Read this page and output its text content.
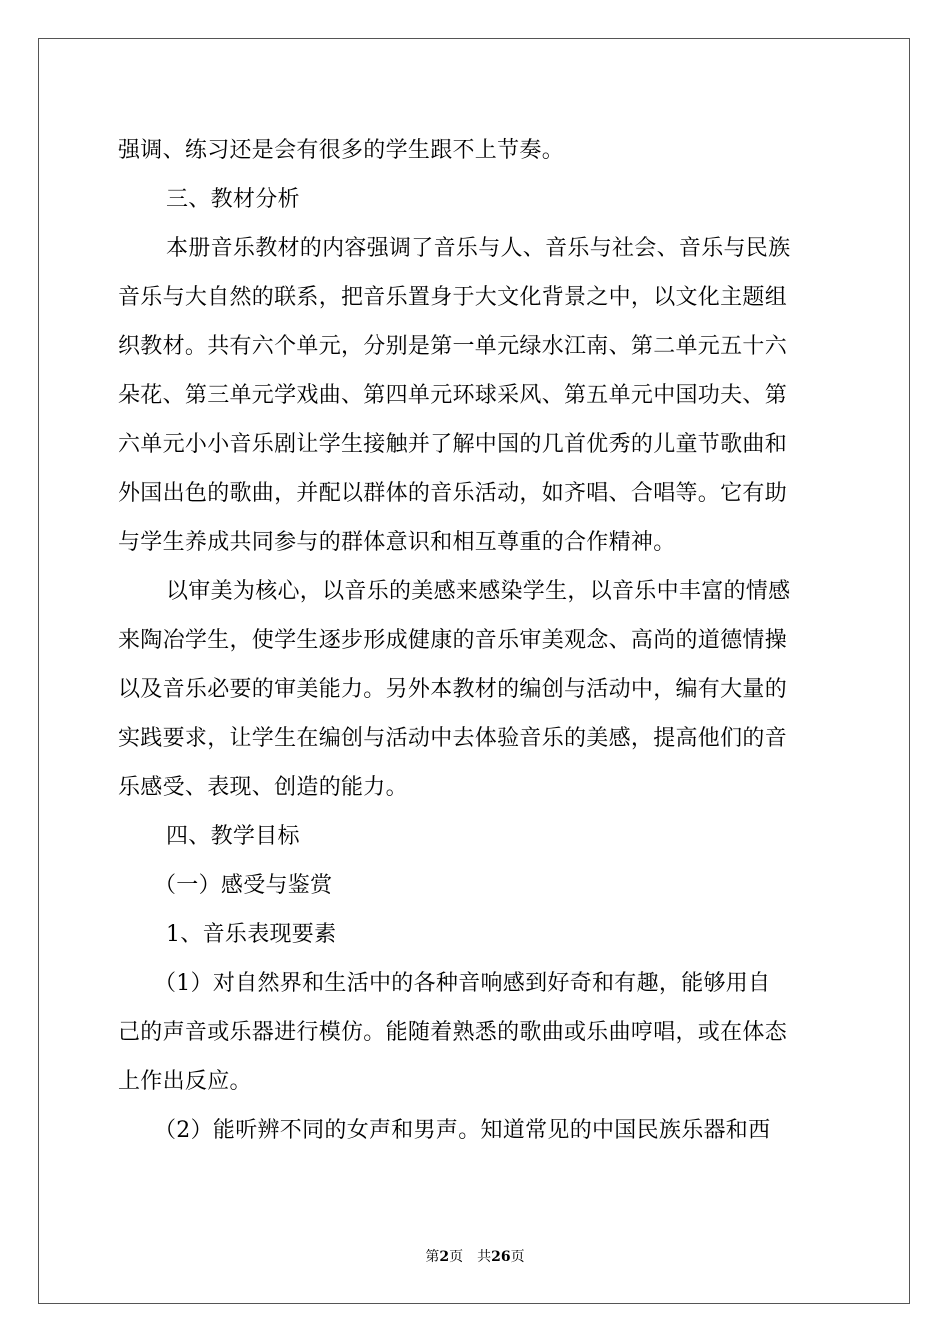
强调、练习还是会有很多的学生跟不上节奏。
三、教材分析
本册音乐教材的内容强调了音乐与人、音乐与社会、音乐与民族
音乐与大自然的联系，把音乐置身于大文化背景之中，以文化主题组
织教材。共有六个单元，分别是第一单元绿水江南、第二单元五十六
朵花、第三单元学戏曲、第四单元环球采风、第五单元中国功夫、第
六单元小小音乐剧让学生接触并了解中国的几首优秀的儿童节歌曲和
外国出色的歌曲，并配以群体的音乐活动，如齐唱、合唱等。它有助
与学生养成共同参与的群体意识和相互尊重的合作精神。
以审美为核心，以音乐的美感来感染学生，以音乐中丰富的情感
来陶冶学生，使学生逐步形成健康的音乐审美观念、高尚的道德情操
以及音乐必要的审美能力。另外本教材的编创与活动中，编有大量的
实践要求，让学生在编创与活动中去体验音乐的美感，提高他们的音
乐感受、表现、创造的能力。
四、教学目标
（一）感受与鉴赏
1、音乐表现要素
（1）对自然界和生活中的各种音响感到好奇和有趣，能够用自
己的声音或乐器进行模仿。能随着熟悉的歌曲或乐曲哼唱，或在体态
上作出反应。
（2）能听辨不同的女声和男声。知道常见的中国民族乐器和西
第2页　共26页
